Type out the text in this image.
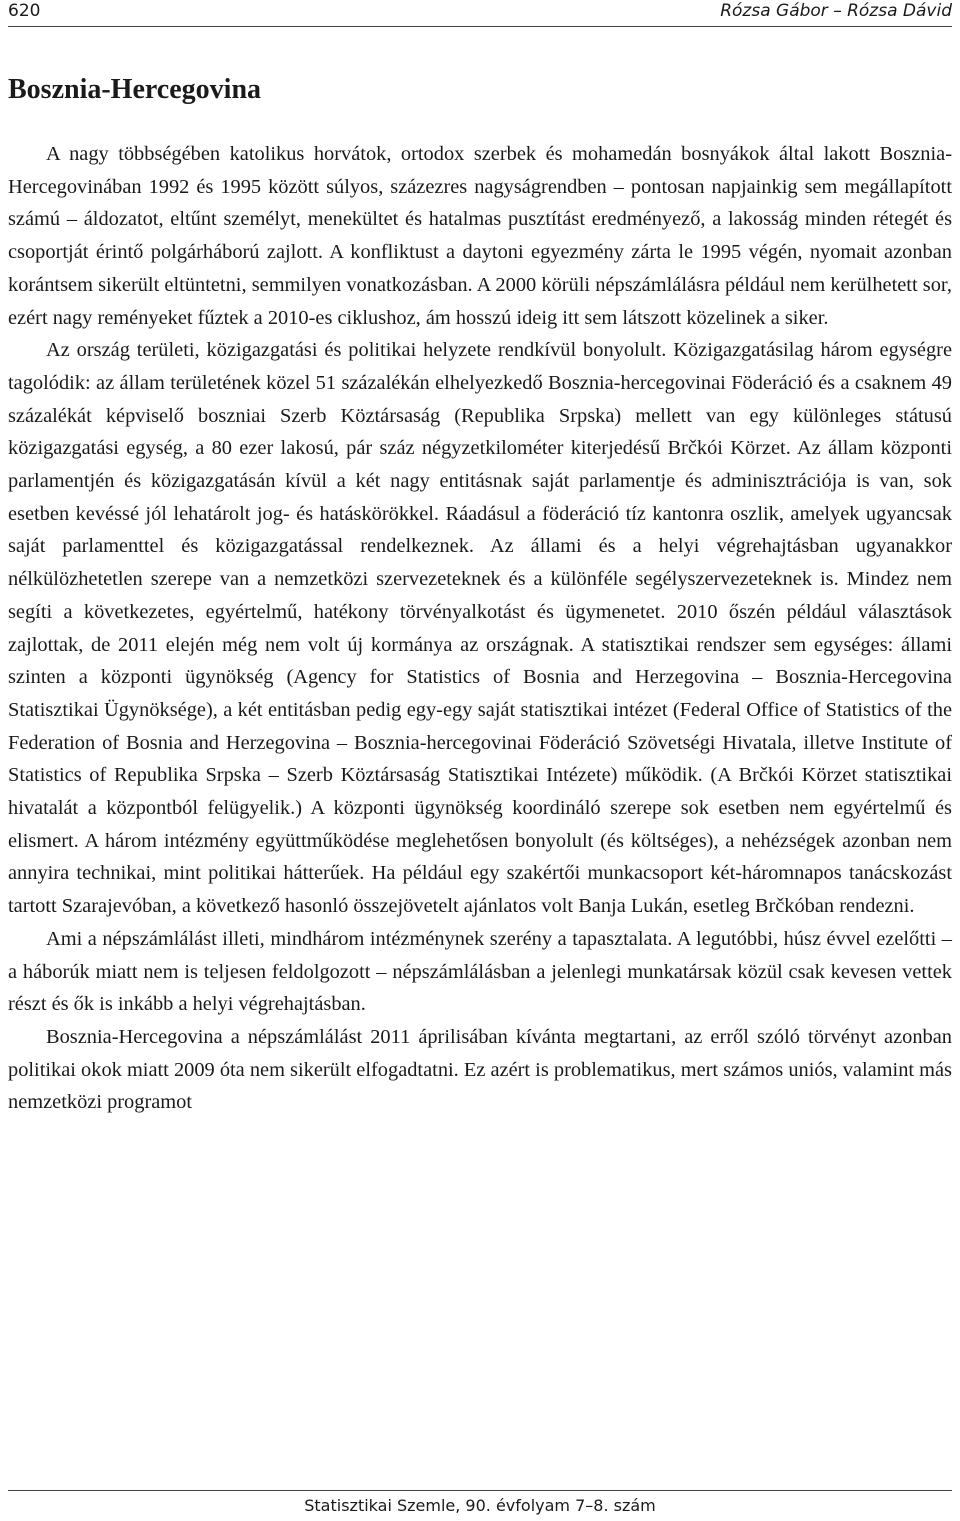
620	Rózsa Gábor – Rózsa Dávid
Bosznia-Hercegovina

A nagy többségében katolikus horvátok, ortodox szerbek és mohamedán bosnyákok által lakott Bosznia-Hercegovinában 1992 és 1995 között súlyos, százezres nagyságrendben – pontosan napjainkig sem megállapított számú – áldozatot, eltűnt személyt, menekültet és hatalmas pusztítást eredményező, a lakosság minden rétegét és csoportját érintő polgárháború zajlott. A konfliktust a daytoni egyezmény zárta le 1995 végén, nyomait azonban korántsem sikerült eltüntetni, semmilyen vonatkozásban. A 2000 körüli népszámlálásra például nem kerülhetett sor, ezért nagy reményeket fűztek a 2010-es ciklushoz, ám hosszú ideig itt sem látszott közelinek a siker.

Az ország területi, közigazgatási és politikai helyzete rendkívül bonyolult. Közigazgatásilag három egységre tagolódik: az állam területének közel 51 százalékán elhelyezkedő Bosznia-hercegovinai Föderáció és a csaknem 49 százalékát képviselő boszniai Szerb Köztársaság (Republika Srpska) mellett van egy különleges státusú közigazgatási egység, a 80 ezer lakosú, pár száz négyzetkilométer kiterjedésű Brčkói Körzet. Az állam központi parlamentjén és közigazgatásán kívül a két nagy entitásnak saját parlamentje és adminisztrációja is van, sok esetben kevéssé jól lehatárolt jog- és hatáskörökkel. Ráadásul a föderáció tíz kantonra oszlik, amelyek ugyancsak saját parlamenttel és közigazgatással rendelkeznek. Az állami és a helyi végrehajtásban ugyanakkor nélkülözhetetlen szerepe van a nemzetközi szervezeteknek és a különféle segélyszervezeteknek is. Mindez nem segíti a következetes, egyértelmű, hatékony törvényalkotást és ügymenetet. 2010 őszén például választások zajlottak, de 2011 elején még nem volt új kormánya az országnak. A statisztikai rendszer sem egységes: állami szinten a központi ügynökség (Agency for Statistics of Bosnia and Herzegovina – Bosznia-Hercegovina Statisztikai Ügynöksége), a két entitásban pedig egy-egy saját statisztikai intézet (Federal Office of Statistics of the Federation of Bosnia and Herzegovina – Bosznia-hercegovinai Föderáció Szövetségi Hivatala, illetve Institute of Statistics of Republika Srpska – Szerb Köztársaság Statisztikai Intézete) működik. (A Brčkói Körzet statisztikai hivatalát a központból felügyelik.) A központi ügynökség koordináló szerepe sok esetben nem egyértelmű és elismert. A három intézmény együttműködése meglehetősen bonyolult (és költséges), a nehézségek azonban nem annyira technikai, mint politikai hátterűek. Ha például egy szakértői munkacsoport két-háromnapos tanácskozást tartott Szarajevóban, a következő hasonló összejövetelt ajánlatos volt Banja Lukán, esetleg Brčkóban rendezni.

Ami a népszámlálást illeti, mindhárom intézménynek szerény a tapasztalata. A legutóbbi, húsz évvel ezelőtti – a háborúk miatt nem is teljesen feldolgozott – népszámlálásban a jelenlegi munkatársak közül csak kevesen vettek részt és ők is inkább a helyi végrehajtásban.

Bosznia-Hercegovina a népszámlálást 2011 áprilisában kívánta megtartani, az erről szóló törvényt azonban politikai okok miatt 2009 óta nem sikerült elfogadtatni. Ez azért is problematikus, mert számos uniós, valamint más nemzetközi programot

Statisztikai Szemle, 90. évfolyam 7–8. szám
